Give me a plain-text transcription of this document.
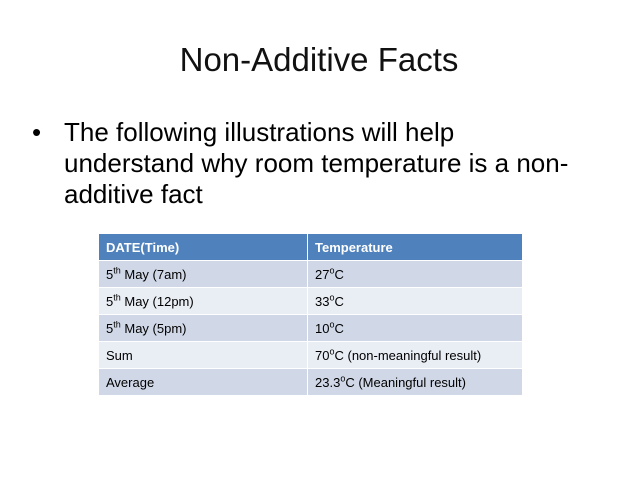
Non-Additive Facts
• The following illustrations will help understand why room temperature is a non-additive fact
DATE(Time)	Temperature
5th May (7am)	27$^o$C
5th May (12pm)	33$^o$C
5th May (5pm)	10$^o$C
Sum	70$^o$C (non-meaningful result)
Average	23.3$^o$C (Meaningful result)
